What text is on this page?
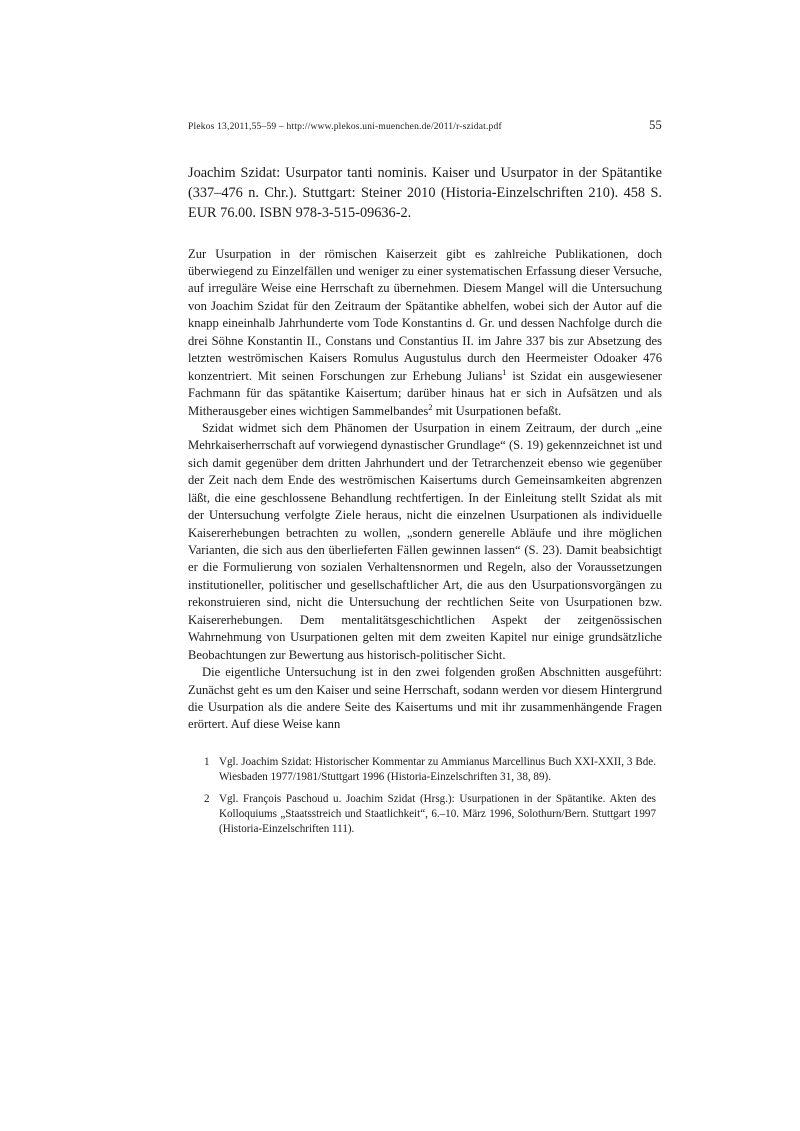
Plekos 13,2011,55–59 – http://www.plekos.uni-muenchen.de/2011/r-szidat.pdf	55
Joachim Szidat: Usurpator tanti nominis. Kaiser und Usurpator in der Spätantike (337–476 n. Chr.). Stuttgart: Steiner 2010 (Historia-Einzelschriften 210). 458 S. EUR 76.00. ISBN 978-3-515-09636-2.

Zur Usurpation in der römischen Kaiserzeit gibt es zahlreiche Publikationen, doch überwiegend zu Einzelfällen und weniger zu einer systematischen Erfassung dieser Versuche, auf irreguläre Weise eine Herrschaft zu übernehmen. Diesem Mangel will die Untersuchung von Joachim Szidat für den Zeitraum der Spätantike abhelfen, wobei sich der Autor auf die knapp eineinhalb Jahrhunderte vom Tode Konstantins d. Gr. und dessen Nachfolge durch die drei Söhne Konstantin II., Constans und Constantius II. im Jahre 337 bis zur Absetzung des letzten weströmischen Kaisers Romulus Augustulus durch den Heermeister Odoaker 476 konzentriert. Mit seinen Forschungen zur Erhebung Julians$^1$ ist Szidat ein ausgewiesener Fachmann für das spätantike Kaisertum; darüber hinaus hat er sich in Aufsätzen und als Mitherausgeber eines wichtigen Sammelbandes$^2$ mit Usurpationen befaßt.

Szidat widmet sich dem Phänomen der Usurpation in einem Zeitraum, der durch „eine Mehrkaiserherrschaft auf vorwiegend dynastischer Grundlage“ (S. 19) gekennzeichnet ist und sich damit gegenüber dem dritten Jahrhundert und der Tetrarchenzeit ebenso wie gegenüber der Zeit nach dem Ende des weströmischen Kaisertums durch Gemeinsamkeiten abgrenzen läßt, die eine geschlossene Behandlung rechtfertigen. In der Einleitung stellt Szidat als mit der Untersuchung verfolgte Ziele heraus, nicht die einzelnen Usurpationen als individuelle Kaisererhebungen betrachten zu wollen, „sondern generelle Abläufe und ihre möglichen Varianten, die sich aus den überlieferten Fällen gewinnen lassen“ (S. 23). Damit beabsichtigt er die Formulierung von sozialen Verhaltensnormen und Regeln, also der Voraussetzungen institutioneller, politischer und gesellschaftlicher Art, die aus den Usurpationsvorgängen zu rekonstruieren sind, nicht die Untersuchung der rechtlichen Seite von Usurpationen bzw. Kaisererhebungen. Dem mentalitätsgeschichtlichen Aspekt der zeitgenössischen Wahrnehmung von Usurpationen gelten mit dem zweiten Kapitel nur einige grundsätzliche Beobachtungen zur Bewertung aus historisch-politischer Sicht.

Die eigentliche Untersuchung ist in den zwei folgenden großen Abschnitten ausgeführt: Zunächst geht es um den Kaiser und seine Herrschaft, sodann werden vor diesem Hintergrund die Usurpation als die andere Seite des Kaisertums und mit ihr zusammenhängende Fragen erörtert. Auf diese Weise kann

1 Vgl. Joachim Szidat: Historischer Kommentar zu Ammianus Marcellinus Buch XXI-XXII, 3 Bde. Wiesbaden 1977/1981/Stuttgart 1996 (Historia-Einzelschriften 31, 38, 89).
2 Vgl. François Paschoud u. Joachim Szidat (Hrsg.): Usurpationen in der Spätantike. Akten des Kolloquiums „Staatsstreich und Staatlichkeit“, 6.–10. März 1996, Solothurn/Bern. Stuttgart 1997 (Historia-Einzelschriften 111).
